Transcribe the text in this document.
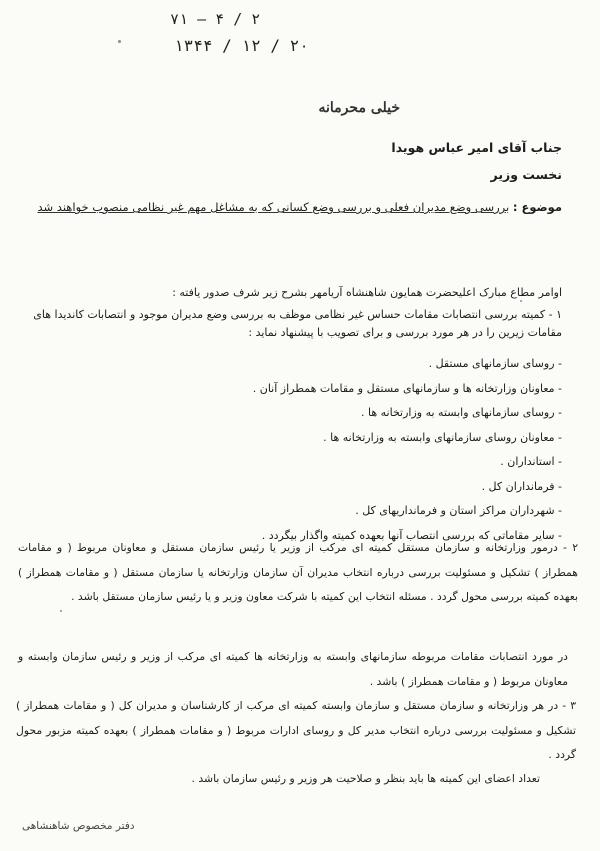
۷۱ — ۴ / ۲
۱۳۴۴ / ۱۲ / ۲۰
خیلی محرمانه
جناب آقای امیر عباس هویدا
نخست وزیر
موضوع : بررسی وضع مدیران فعلی و بررسی وضع کسانی که به مشاغل مهم غیر نظامی منصوب خواهند شد
اوامر مطاع مبارک اعلیحضرت همایون شاهنشاه آریامهر بشرح زیر شرف صدور یافته :
۱ - کمیته بررسی انتصابات مقامات حساس غیر نظامی موظف به بررسی وضع مدیران موجود و انتصابات کاندیدا های مقامات زیرین را در هر مورد بررسی و برای تصویب با پیشنهاد نماید :
- روسای سازمانهای مستقل .
- معاونان وزارتخانه ها و سازمانهای مستقل و مقامات همطراز آنان .
- روسای سازمانهای وابسته به وزارتخانه ها .
- معاونان روسای سازمانهای وابسته به وزارتخانه ها .
- استانداران .
- فرمانداران کل .
- شهرداران مراکز استان و فرمانداریهای کل .
- سایر مقاماتی که بررسی انتصاب آنها بعهده کمیته واگذار بیگردد .
۲ - درمور وزارتخانه و سازمان مستقل کمیته ای مرکب از وزیر یا رئیس سازمان مستقل و معاونان مربوط ( و مقامات همطراز ) تشکیل و مسئولیت بررسی درباره انتخاب مدیران آن سازمان وزارتخانه یا سازمان مستقل ( و مقامات همطراز ) بعهده کمیته بررسی محول گردد . مسئله انتخاب این کمیته با شرکت معاون وزیر و یا رئیس سازمان مستقل باشد .
در مورد انتصابات مقامات مربوطه سازمانهای وابسته به وزارتخانه ها کمیته ای مرکب از وزیر و رئیس سازمان وابسته و معاونان مربوط ( و مقامات همطراز ) باشد .
۳ - در هر وزارتخانه و سازمان مستقل و سازمان وابسته کمیته ای مرکب از کارشناسان و مدیران کل ( و مقامات همطراز ) تشکیل و مسئولیت بررسی درباره انتخاب مدیر کل و روسای ادارات مربوط ( و مقامات همطراز ) بعهده کمیته مزبور محول گردد .
تعداد اعضای این کمیته ها باید بنظر و صلاحیت هر وزیر و رئیس سازمان باشد .
دفتر مخصوص شاهنشاهی
